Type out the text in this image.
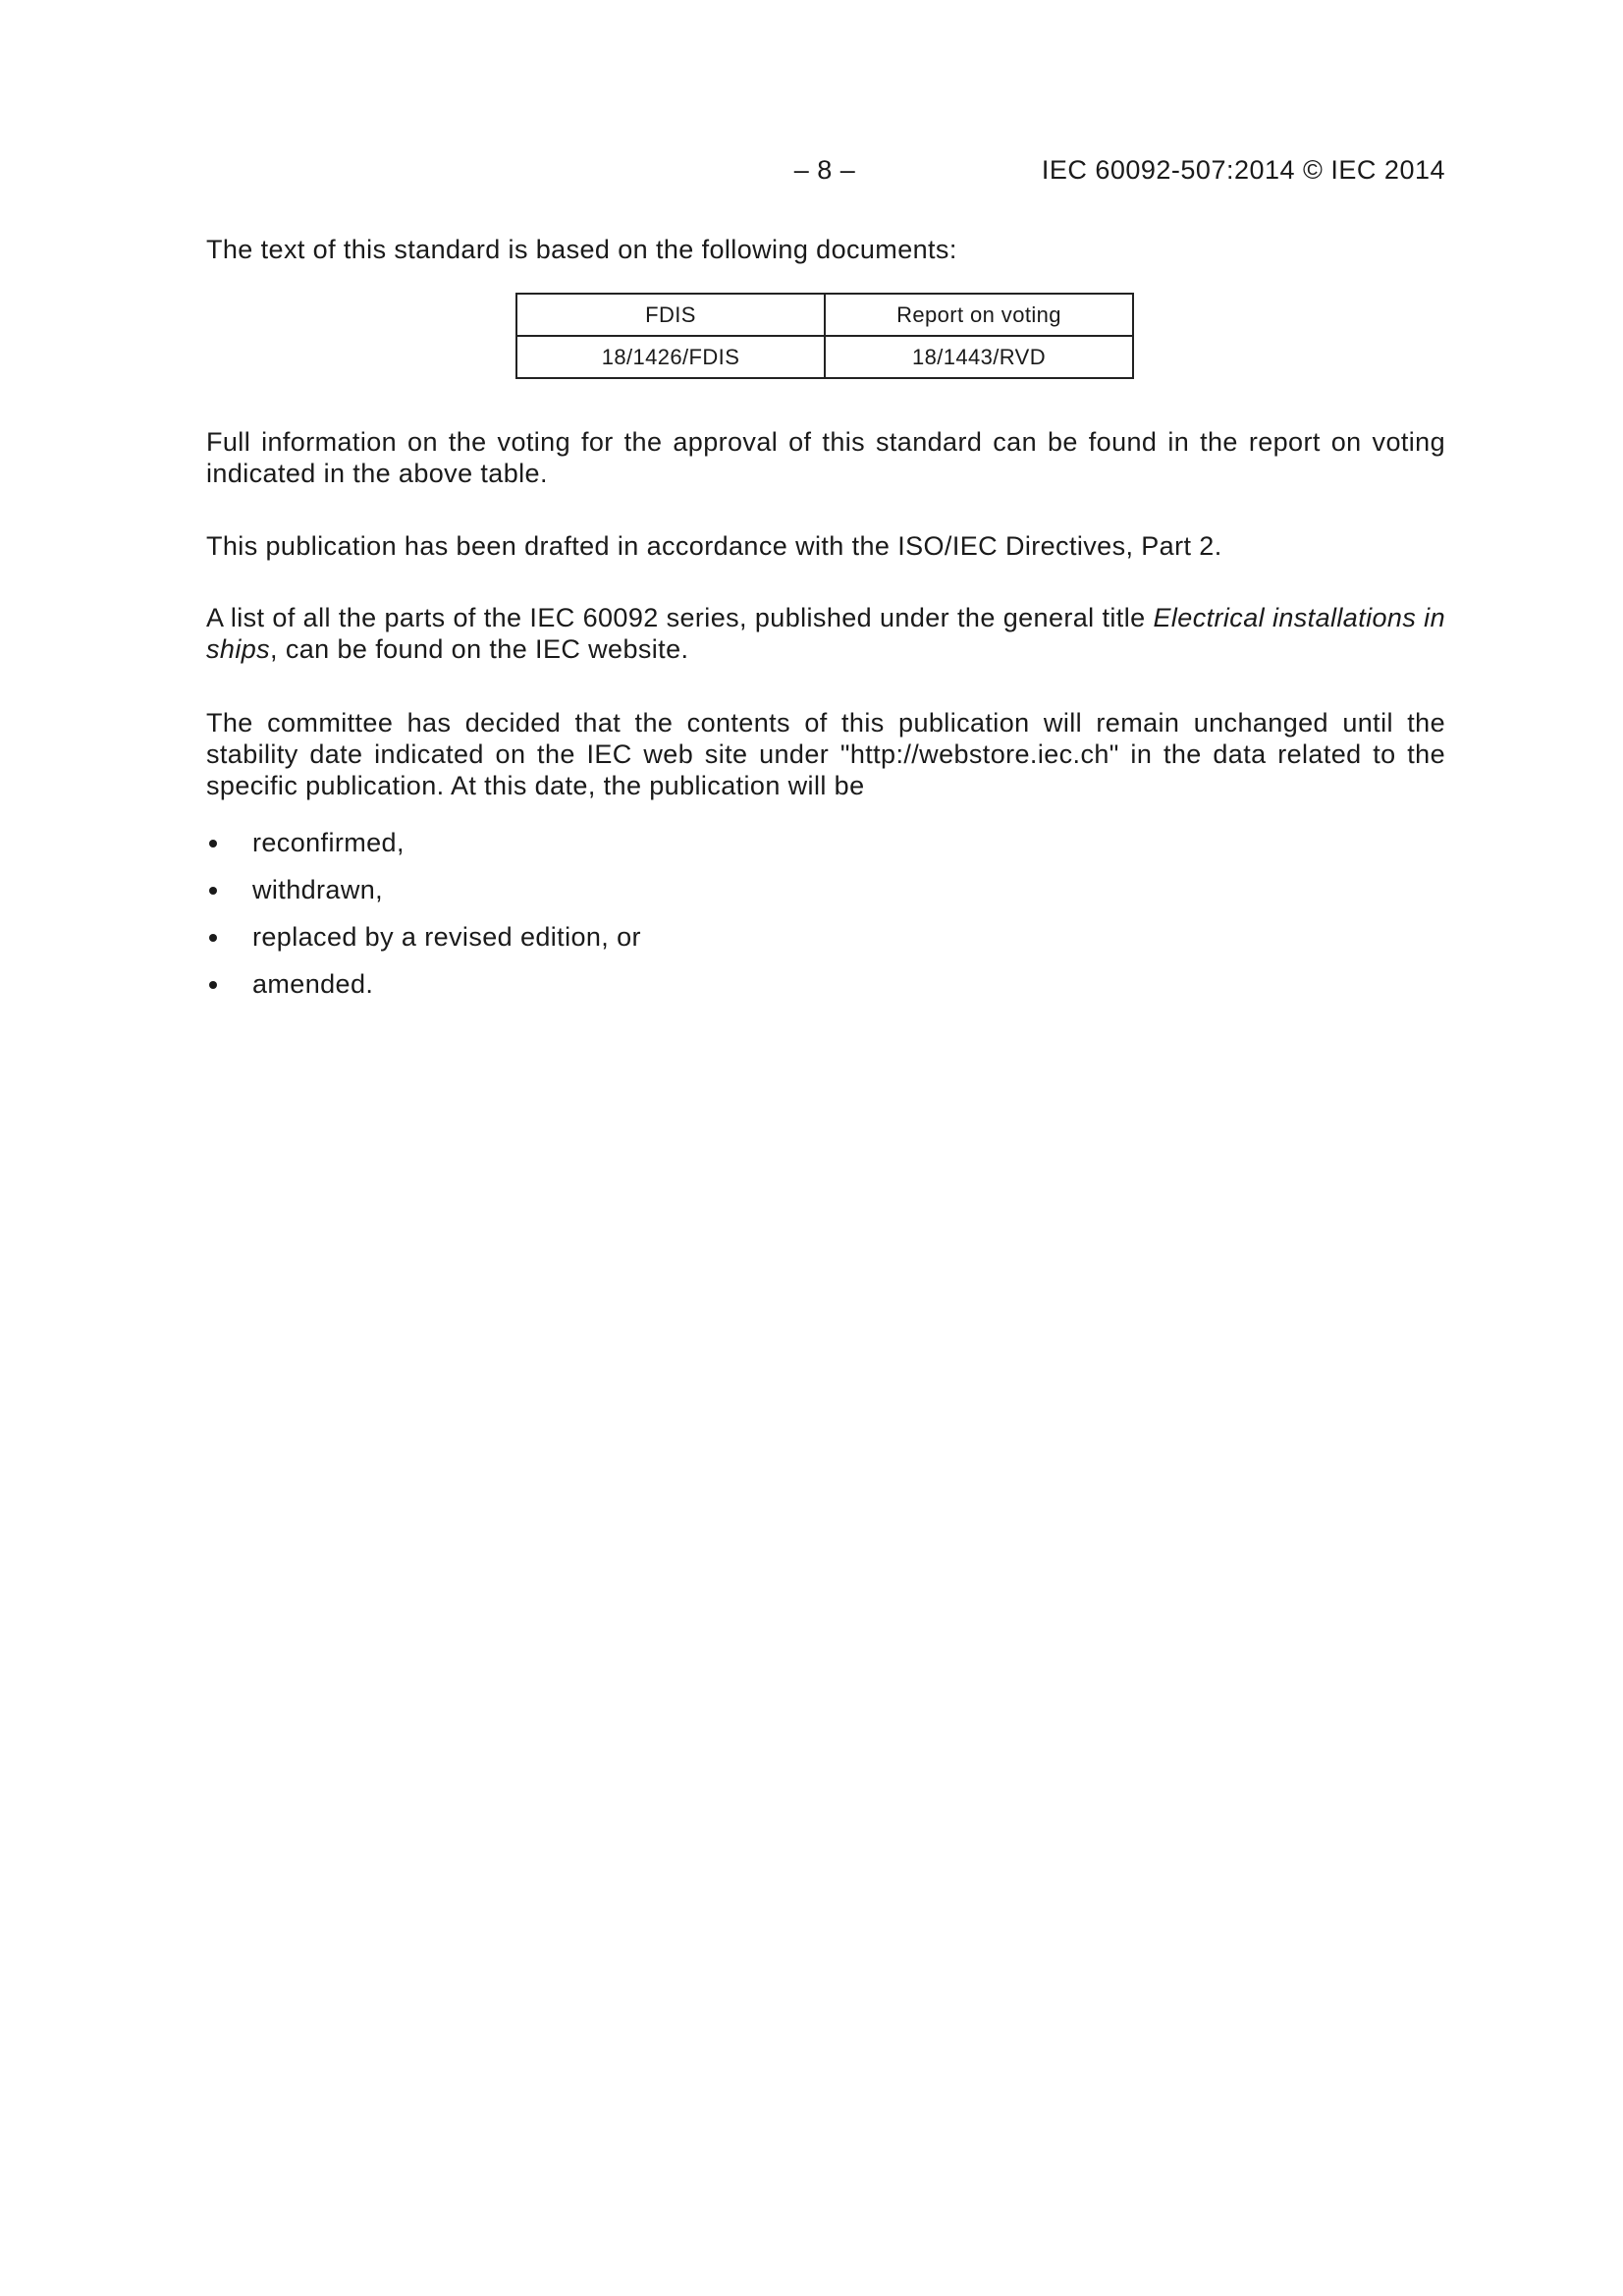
– 8 –	IEC 60092-507:2014 © IEC 2014

The text of this standard is based on the following documents:

FDIS	Report on voting
18/1426/FDIS	18/1443/RVD

Full information on the voting for the approval of this standard can be found in the report on voting indicated in the above table.

This publication has been drafted in accordance with the ISO/IEC Directives, Part 2.

A list of all the parts of the IEC 60092 series, published under the general title Electrical installations in ships, can be found on the IEC website.

The committee has decided that the contents of this publication will remain unchanged until the stability date indicated on the IEC web site under "http://webstore.iec.ch" in the data related to the specific publication. At this date, the publication will be

reconfirmed,
withdrawn,
replaced by a revised edition, or
amended.
